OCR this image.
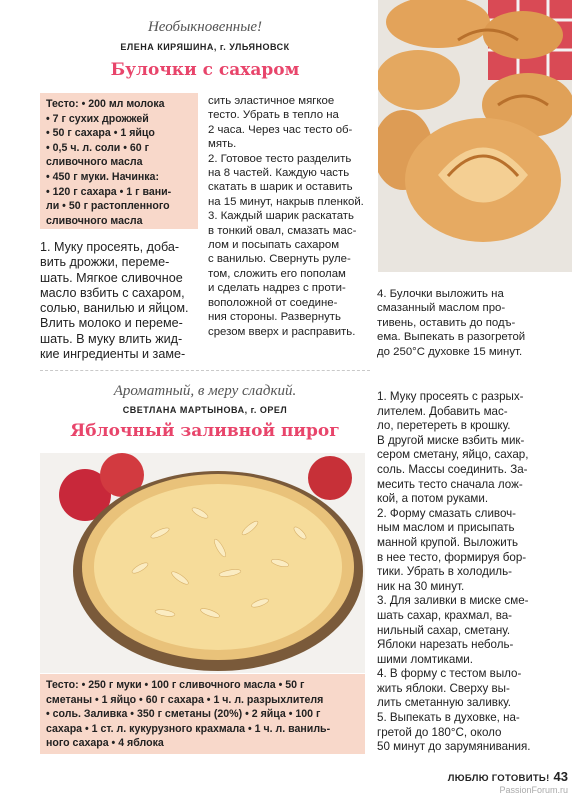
Необыкновенные!
ЕЛЕНА КИРЯШИНА, г. УЛЬЯНОВСК
Булочки с сахаром
Тесто: • 200 мл молока
• 7 г сухих дрожжей
• 50 г сахара • 1 яйцо
• 0,5 ч. л. соли • 60 г
сливочного масла
• 450 г муки. Начинка:
• 120 г сахара • 1 г вани-
ли • 50 г растопленного
сливочного масла
1. Муку просеять, доба-
вить дрожжи, переме-
шать. Мягкое сливочное
масло взбить с сахаром,
солью, ванилью и яйцом.
Влить молоко и переме-
шать. В муку влить жид-
кие ингредиенты и заме-
сить эластичное мягкое
тесто. Убрать в тепло на
2 часа. Через час тесто об-
мять.
2. Готовое тесто разделить
на 8 частей. Каждую часть
скатать в шарик и оставить
на 15 минут, накрыв пленкой.
3. Каждый шарик раскатать
в тонкий овал, смазать мас-
лом и посыпать сахаром
с ванилью. Свернуть руле-
том, сложить его пополам
и сделать надрез с проти-
воположной от соедине-
ния стороны. Развернуть
срезом вверх и расправить.
4. Булочки выложить на
смазанный маслом про-
тивень, оставить до подъ-
ема. Выпекать в разогретой
до 250°С духовке 15 минут.
Ароматный, в меру сладкий.
СВЕТЛАНА МАРТЫНОВА, г. ОРЕЛ
Яблочный заливной пирог
Тесто: • 250 г муки • 100 г сливочного масла • 50 г
сметаны • 1 яйцо • 60 г сахара • 1 ч. л. разрыхлителя
• соль. Заливка • 350 г сметаны (20%) • 2 яйца • 100 г
сахара • 1 ст. л. кукурузного крахмала • 1 ч. л. ваниль-
ного сахара • 4 яблока
1. Муку просеять с разрых-
лителем. Добавить мас-
ло, перетереть в крошку.
В другой миске взбить мик-
сером сметану, яйцо, сахар,
соль. Массы соединить. За-
месить тесто сначала лож-
кой, а потом руками.
2. Форму смазать сливоч-
ным маслом и присыпать
манной крупой. Выложить
в нее тесто, формируя бор-
тики. Убрать в холодиль-
ник на 30 минут.
3. Для заливки в миске сме-
шать сахар, крахмал, ва-
нильный сахар, сметану.
Яблоки нарезать неболь-
шими ломтиками.
4. В форму с тестом выло-
жить яблоки. Сверху вы-
лить сметанную заливку.
5. Выпекать в духовке, на-
гретой до 180°С, около
50 минут до зарумянивания.
ЛЮБЛЮ ГОТОВИТЬ! 43
PassionForum.ru
